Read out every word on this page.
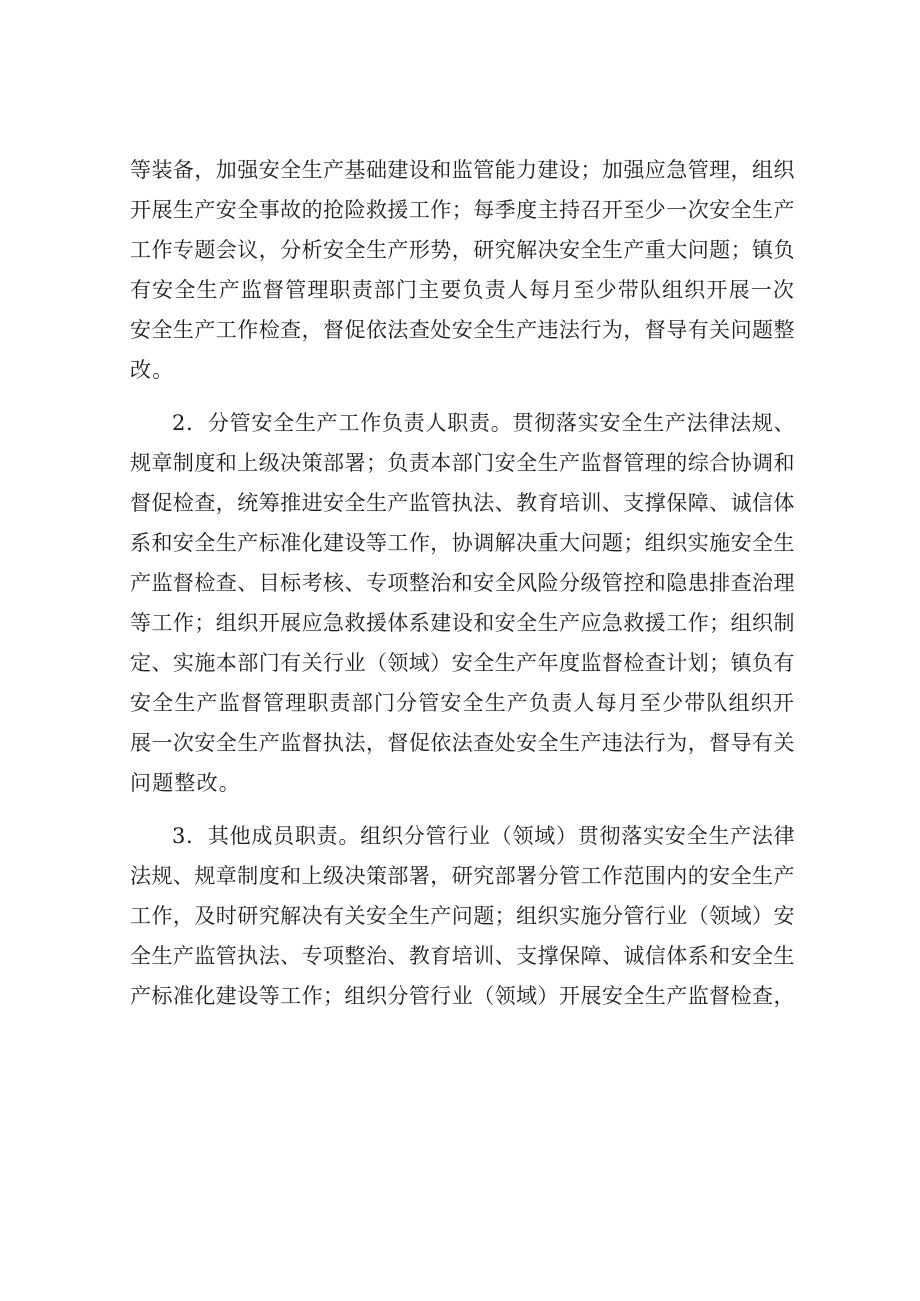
等装备，加强安全生产基础建设和监管能力建设；加强应急管理，组织
开展生产安全事故的抢险救援工作；每季度主持召开至少一次安全生产
工作专题会议，分析安全生产形势，研究解决安全生产重大问题；镇负
有安全生产监督管理职责部门主要负责人每月至少带队组织开展一次
安全生产工作检查，督促依法查处安全生产违法行为，督导有关问题整
改。

2．分管安全生产工作负责人职责。贯彻落实安全生产法律法规、
规章制度和上级决策部署；负责本部门安全生产监督管理的综合协调和
督促检查，统筹推进安全生产监管执法、教育培训、支撑保障、诚信体
系和安全生产标准化建设等工作，协调解决重大问题；组织实施安全生
产监督检查、目标考核、专项整治和安全风险分级管控和隐患排查治理
等工作；组织开展应急救援体系建设和安全生产应急救援工作；组织制
定、实施本部门有关行业（领域）安全生产年度监督检查计划；镇负有
安全生产监督管理职责部门分管安全生产负责人每月至少带队组织开
展一次安全生产监督执法，督促依法查处安全生产违法行为，督导有关
问题整改。

3．其他成员职责。组织分管行业（领域）贯彻落实安全生产法律
法规、规章制度和上级决策部署，研究部署分管工作范围内的安全生产
工作，及时研究解决有关安全生产问题；组织实施分管行业（领域）安
全生产监管执法、专项整治、教育培训、支撑保障、诚信体系和安全生
产标准化建设等工作；组织分管行业（领域）开展安全生产监督检查，
